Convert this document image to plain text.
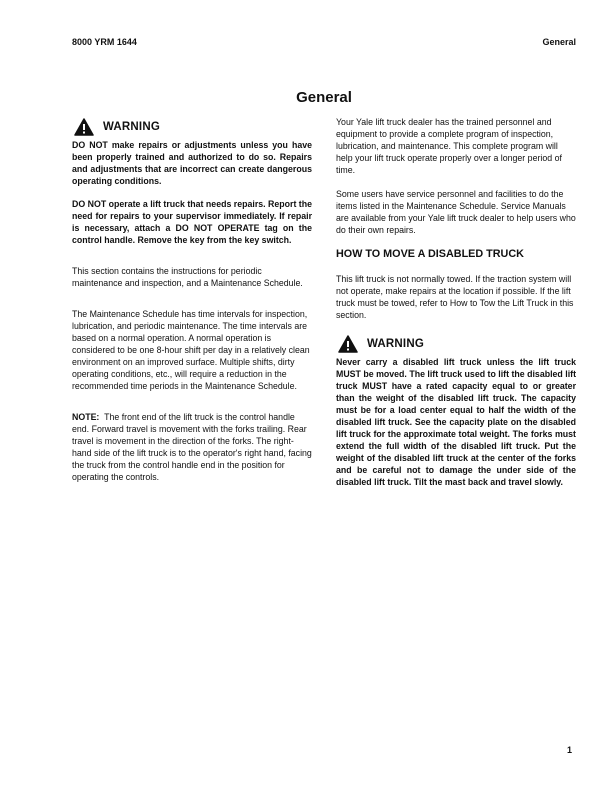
8000 YRM 1644	General
General
WARNING

DO NOT make repairs or adjustments unless you have been properly trained and authorized to do so. Repairs and adjustments that are incorrect can create dangerous operating conditions.

DO NOT operate a lift truck that needs repairs. Report the need for repairs to your supervisor immediately. If repair is necessary, attach a DO NOT OPERATE tag on the control handle. Remove the key from the key switch.

This section contains the instructions for periodic maintenance and inspection, and a Maintenance Schedule.

The Maintenance Schedule has time intervals for inspection, lubrication, and periodic maintenance. The time intervals are based on a normal operation. A normal operation is considered to be one 8-hour shift per day in a relatively clean environment on an improved surface. Multiple shifts, dirty operating conditions, etc., will require a reduction in the recommended time periods in the Maintenance Schedule.

NOTE: The front end of the lift truck is the control handle end. Forward travel is movement with the forks trailing. Rear travel is movement in the direction of the forks. The right-hand side of the lift truck is to the operator's right hand, facing the truck from the control handle end in the position for operating the controls.

Your Yale lift truck dealer has the trained personnel and equipment to provide a complete program of inspection, lubrication, and maintenance. This complete program will help your lift truck operate properly over a longer period of time.

Some users have service personnel and facilities to do the items listed in the Maintenance Schedule. Service Manuals are available from your Yale lift truck dealer to help users who do their own repairs.

HOW TO MOVE A DISABLED TRUCK

This lift truck is not normally towed. If the traction system will not operate, make repairs at the location if possible. If the lift truck must be towed, refer to How to Tow the Lift Truck in this section.

WARNING

Never carry a disabled lift truck unless the lift truck MUST be moved. The lift truck used to lift the disabled lift truck MUST have a rated capacity equal to or greater than the weight of the disabled lift truck. The capacity must be for a load center equal to half the width of the disabled lift truck. See the capacity plate on the disabled lift truck for the approximate total weight. The forks must extend the full width of the disabled lift truck. Put the weight of the disabled lift truck at the center of the forks and be careful not to damage the under side of the disabled lift truck. Tilt the mast back and travel slowly.

1
